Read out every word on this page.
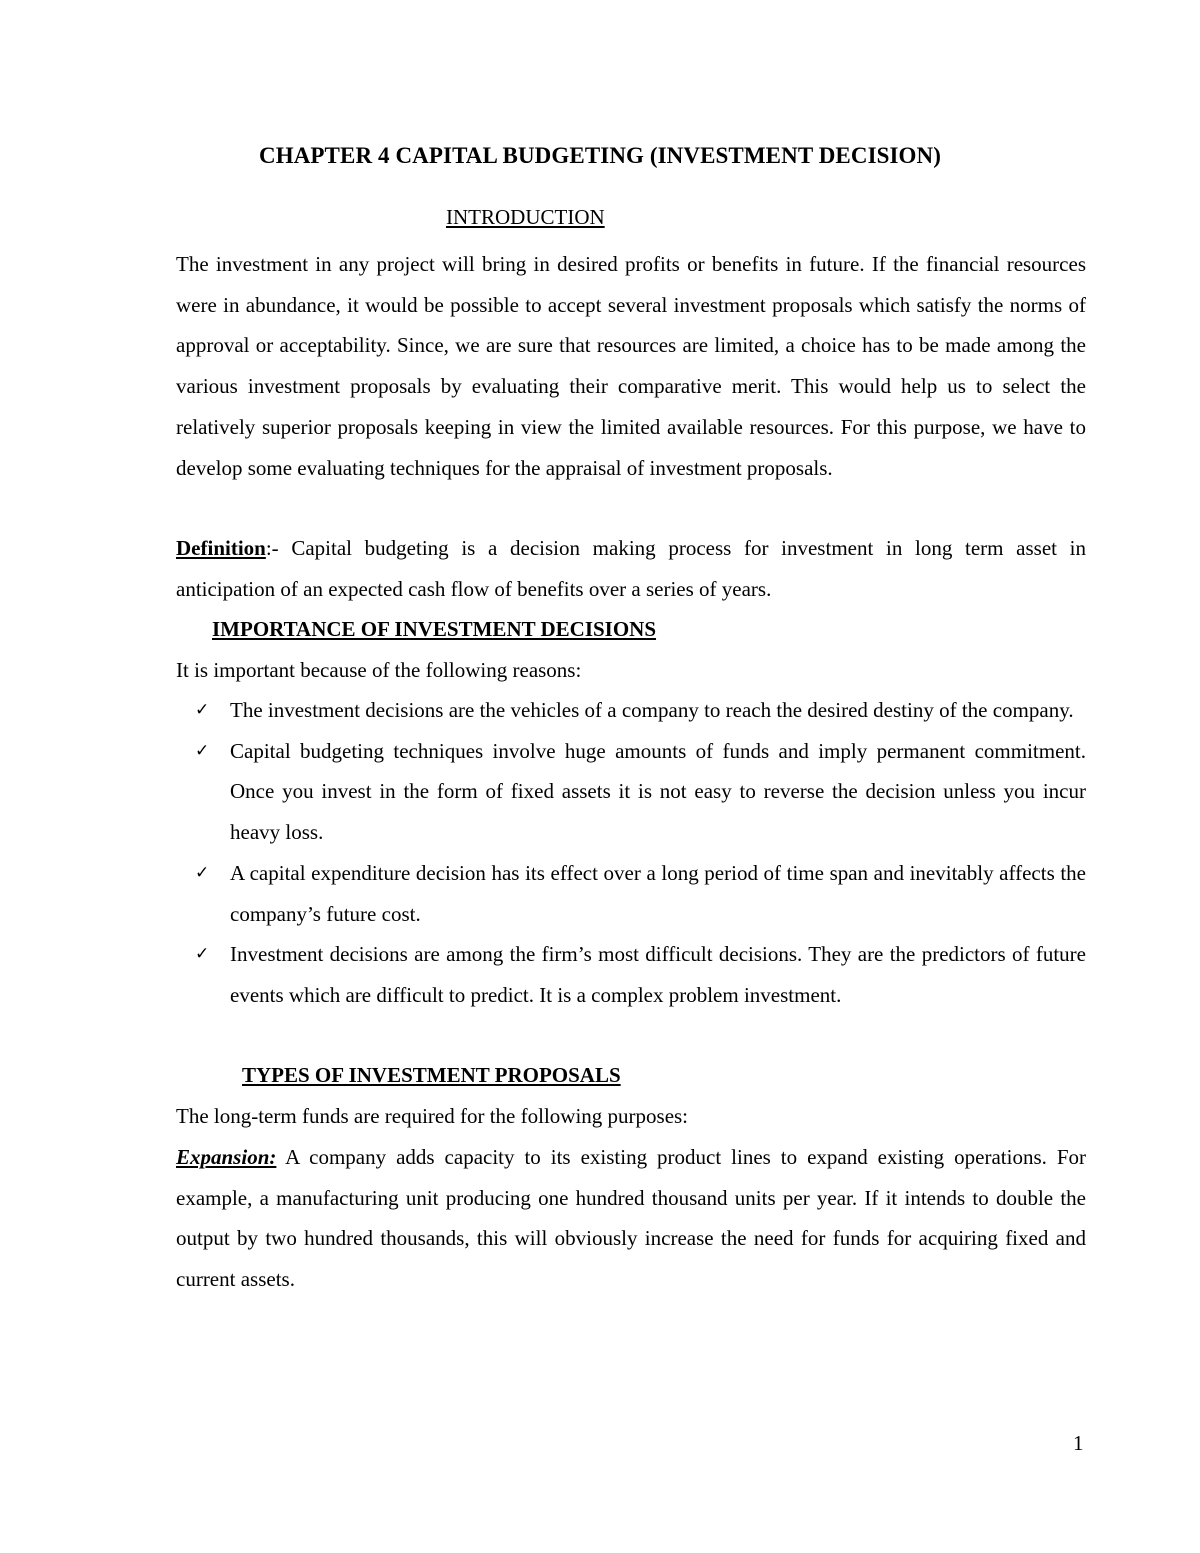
CHAPTER 4 CAPITAL BUDGETING (INVESTMENT DECISION)
INTRODUCTION

The investment in any project will bring in desired profits or benefits in future. If the financial resources were in abundance, it would be possible to accept several investment proposals which satisfy the norms of approval or acceptability. Since, we are sure that resources are limited, a choice has to be made among the various investment proposals by evaluating their comparative merit. This would help us to select the relatively superior proposals keeping in view the limited available resources. For this purpose, we have to develop some evaluating techniques for the appraisal of investment proposals.

Definition:- Capital budgeting is a decision making process for investment in long term asset in anticipation of an expected cash flow of benefits over a series of years.

IMPORTANCE OF INVESTMENT DECISIONS

It is important because of the following reasons:

✓ The investment decisions are the vehicles of a company to reach the desired destiny of the company.
✓ Capital budgeting techniques involve huge amounts of funds and imply permanent commitment. Once you invest in the form of fixed assets it is not easy to reverse the decision unless you incur heavy loss.
✓ A capital expenditure decision has its effect over a long period of time span and inevitably affects the company’s future cost.
✓ Investment decisions are among the firm’s most difficult decisions. They are the predictors of future events which are difficult to predict. It is a complex problem investment.
TYPES OF INVESTMENT PROPOSALS

The long-term funds are required for the following purposes:

Expansion: A company adds capacity to its existing product lines to expand existing operations. For example, a manufacturing unit producing one hundred thousand units per year. If it intends to double the output by two hundred thousands, this will obviously increase the need for funds for acquiring fixed and current assets.

1
